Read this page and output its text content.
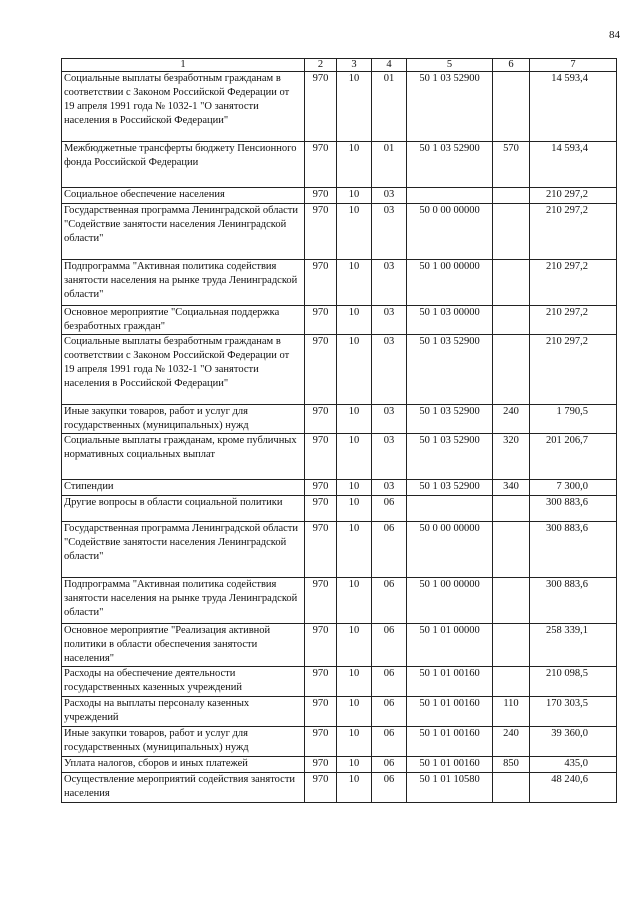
84
1	2	3	4	5	6	7
Социальные выплаты безработным гражданам в соответствии с Законом Российской Федерации от 19 апреля 1991 года № 1032-1 "О занятости населения в Российской Федерации"	970	10	01	50 1 03 52900		14 593,4
Межбюджетные трансферты бюджету Пенсионного фонда Российской Федерации	970	10	01	50 1 03 52900	570	14 593,4
Социальное обеспечение населения	970	10	03			210 297,2
Государственная программа Ленинградской области "Содействие занятости населения Ленинградской области"	970	10	03	50 0 00 00000		210 297,2
Подпрограмма "Активная политика содействия занятости населения на рынке труда Ленинградской области"	970	10	03	50 1 00 00000		210 297,2
Основное мероприятие "Социальная поддержка безработных граждан"	970	10	03	50 1 03 00000		210 297,2
Социальные выплаты безработным гражданам в соответствии с Законом Российской Федерации от 19 апреля 1991 года № 1032-1 "О занятости населения в Российской Федерации"	970	10	03	50 1 03 52900		210 297,2
Иные закупки товаров, работ и услуг для государственных (муниципальных) нужд	970	10	03	50 1 03 52900	240	1 790,5
Социальные выплаты гражданам, кроме публичных нормативных социальных выплат	970	10	03	50 1 03 52900	320	201 206,7
Стипендии	970	10	03	50 1 03 52900	340	7 300,0
Другие вопросы в области социальной политики	970	10	06			300 883,6
Государственная программа Ленинградской области "Содействие занятости населения Ленинградской области"	970	10	06	50 0 00 00000		300 883,6
Подпрограмма "Активная политика содействия занятости населения на рынке труда Ленинградской области"	970	10	06	50 1 00 00000		300 883,6
Основное мероприятие "Реализация активной политики в области обеспечения занятости населения"	970	10	06	50 1 01 00000		258 339,1
Расходы на обеспечение деятельности государственных казенных учреждений	970	10	06	50 1 01 00160		210 098,5
Расходы на выплаты персоналу казенных учреждений	970	10	06	50 1 01 00160	110	170 303,5
Иные закупки товаров, работ и услуг для государственных (муниципальных) нужд	970	10	06	50 1 01 00160	240	39 360,0
Уплата налогов, сборов и иных платежей	970	10	06	50 1 01 00160	850	435,0
Осуществление мероприятий содействия занятости населения	970	10	06	50 1 01 10580		48 240,6
